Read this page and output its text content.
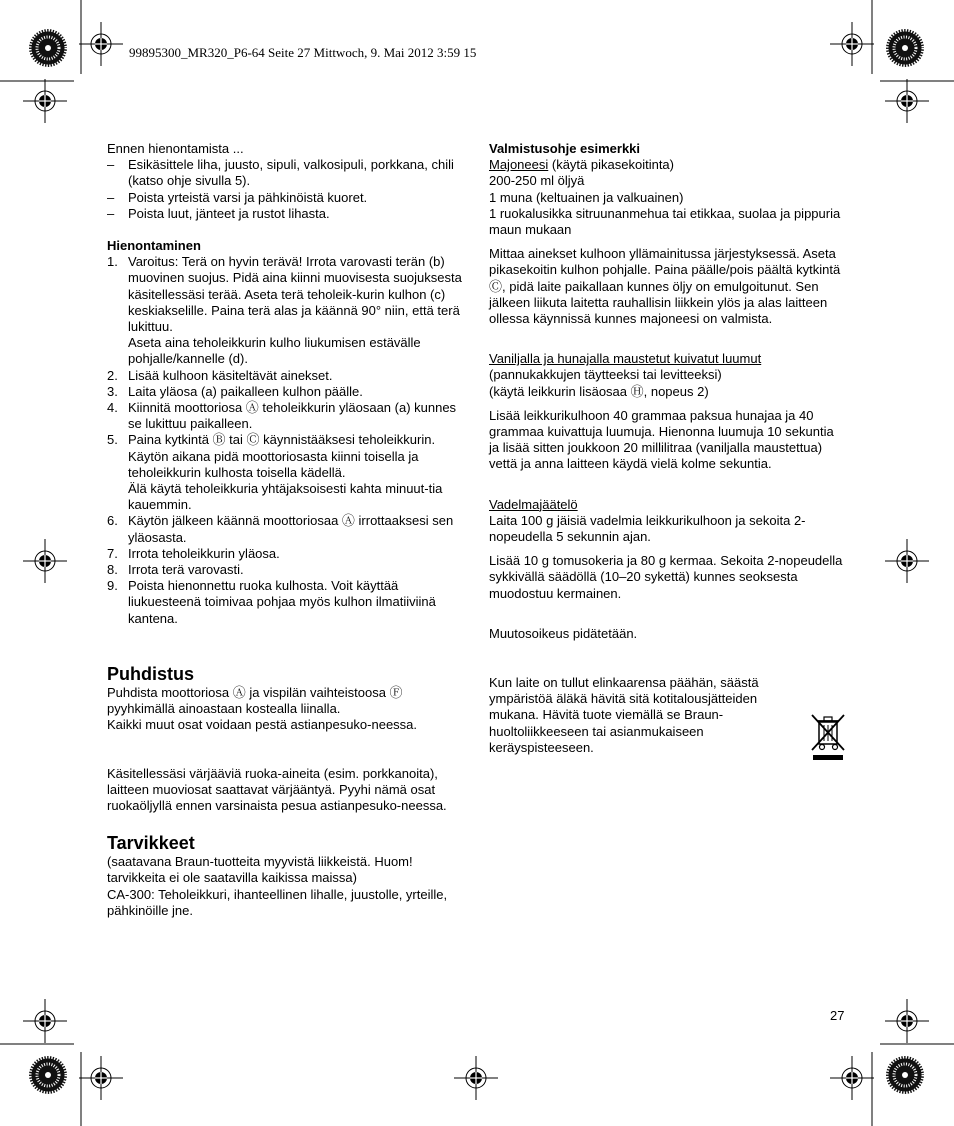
99895300_MR320_P6-64 Seite 27 Mittwoch, 9. Mai 2012 3:59 15

Ennen hienontamista ...

– Esikäsittele liha, juusto, sipuli, valkosipuli, porkkana, chili (katso ohje sivulla 5).
– Poista yrteistä varsi ja pähkinöistä kuoret.
– Poista luut, jänteet ja rustot lihasta.

Hienontaminen

1. Varoitus: Terä on hyvin terävä! Irrota varovasti terän (b) muovinen suojus. Pidä aina kiinni muovisesta suojuksesta käsitellessäsi terää. Aseta terä teholeik-kurin kulhon (c) keskiakselille. Paina terä alas ja käännä 90° niin, että terä lukittuu.
Aseta aina teholeikkurin kulho liukumisen estävälle pohjalle/kannelle (d).
2. Lisää kulhoon käsiteltävät ainekset.
3. Laita yläosa (a) paikalleen kulhon päälle.
4. Kiinnitä moottoriosa Ⓐ teholeikkurin yläosaan (a) kunnes se lukittuu paikalleen.
5. Paina kytkintä Ⓑ tai Ⓒ käynnistääksesi teholeikkurin. Käytön aikana pidä moottoriosasta kiinni toisella ja teholeikkurin kulhosta toisella kädellä.
Älä käytä teholeikkuria yhtäjaksoisesti kahta minuut-tia kauemmin.
6. Käytön jälkeen käännä moottoriosaa Ⓐ irrottaaksesi sen yläosasta.
7. Irrota teholeikkurin yläosa.
8. Irrota terä varovasti.
9. Poista hienonnettu ruoka kulhosta. Voit käyttää liukuesteenä toimivaa pohjaa myös kulhon ilmatiiviinä kantena.

Puhdistus

Puhdista moottoriosa Ⓐ ja vispilän vaihteistoosa Ⓕ pyyhkimällä ainoastaan kostealla liinalla.

Kaikki muut osat voidaan pestä astianpesuko-neessa.

Käsitellessäsi värjääviä ruoka-aineita (esim. porkkanoita), laitteen muoviosat saattavat värjääntyä. Pyyhi nämä osat ruokaöljyllä ennen varsinaista pesua astianpesuko-neessa.

Tarvikkeet

(saatavana Braun-tuotteita myyvistä liikkeistä. Huom! tarvikkeita ei ole saatavilla kaikissa maissa)

CA-300: Teholeikkuri, ihanteellinen lihalle, juustolle, yrteille, pähkinöille jne.

Valmistusohje esimerkki

Majoneesi (käytä pikasekoitinta)

200-250 ml öljyä

1 muna (keltuainen ja valkuainen)

1 ruokalusikka sitruunanmehua tai etikkaa, suolaa ja pippuria maun mukaan

Mittaa ainekset kulhoon yllämainitussa järjestyksessä. Aseta pikasekoitin kulhon pohjalle. Paina päälle/pois päältä kytkintä Ⓒ, pidä laite paikallaan kunnes öljy on emulgoitunut. Sen jälkeen liikuta laitetta rauhallisin liikkein ylös ja alas laitteen ollessa käynnissä kunnes majoneesi on valmista.

Vaniljalla ja hunajalla maustetut kuivatut luumut

(pannukakkujen täytteeksi tai levitteeksi)

(käytä leikkurin lisäosaa Ⓗ, nopeus 2)

Lisää leikkurikulhoon 40 grammaa paksua hunajaa ja 40 grammaa kuivattuja luumuja. Hienonna luumuja 10 sekuntia ja lisää sitten joukkoon 20 millilitraa (vaniljalla maustettua) vettä ja anna laitteen käydä vielä kolme sekuntia.

Vadelmajäätelö

Laita 100 g jäisiä vadelmia leikkurikulhoon ja sekoita 2-nopeudella 5 sekunnin ajan.

Lisää 10 g tomusokeria ja 80 g kermaa. Sekoita 2-nopeudella sykkivällä säädöllä (10–20 sykettä) kunnes seoksesta muodostuu kermainen.

Muutosoikeus pidätetään.

Kun laite on tullut elinkaarensa päähän, säästä ympäristöä äläkä hävitä sitä kotitalousjätteiden mukana. Hävitä tuote viemällä se Braun-huoltoliikkeeseen tai asianmukaiseen keräyspisteeseen.

27
